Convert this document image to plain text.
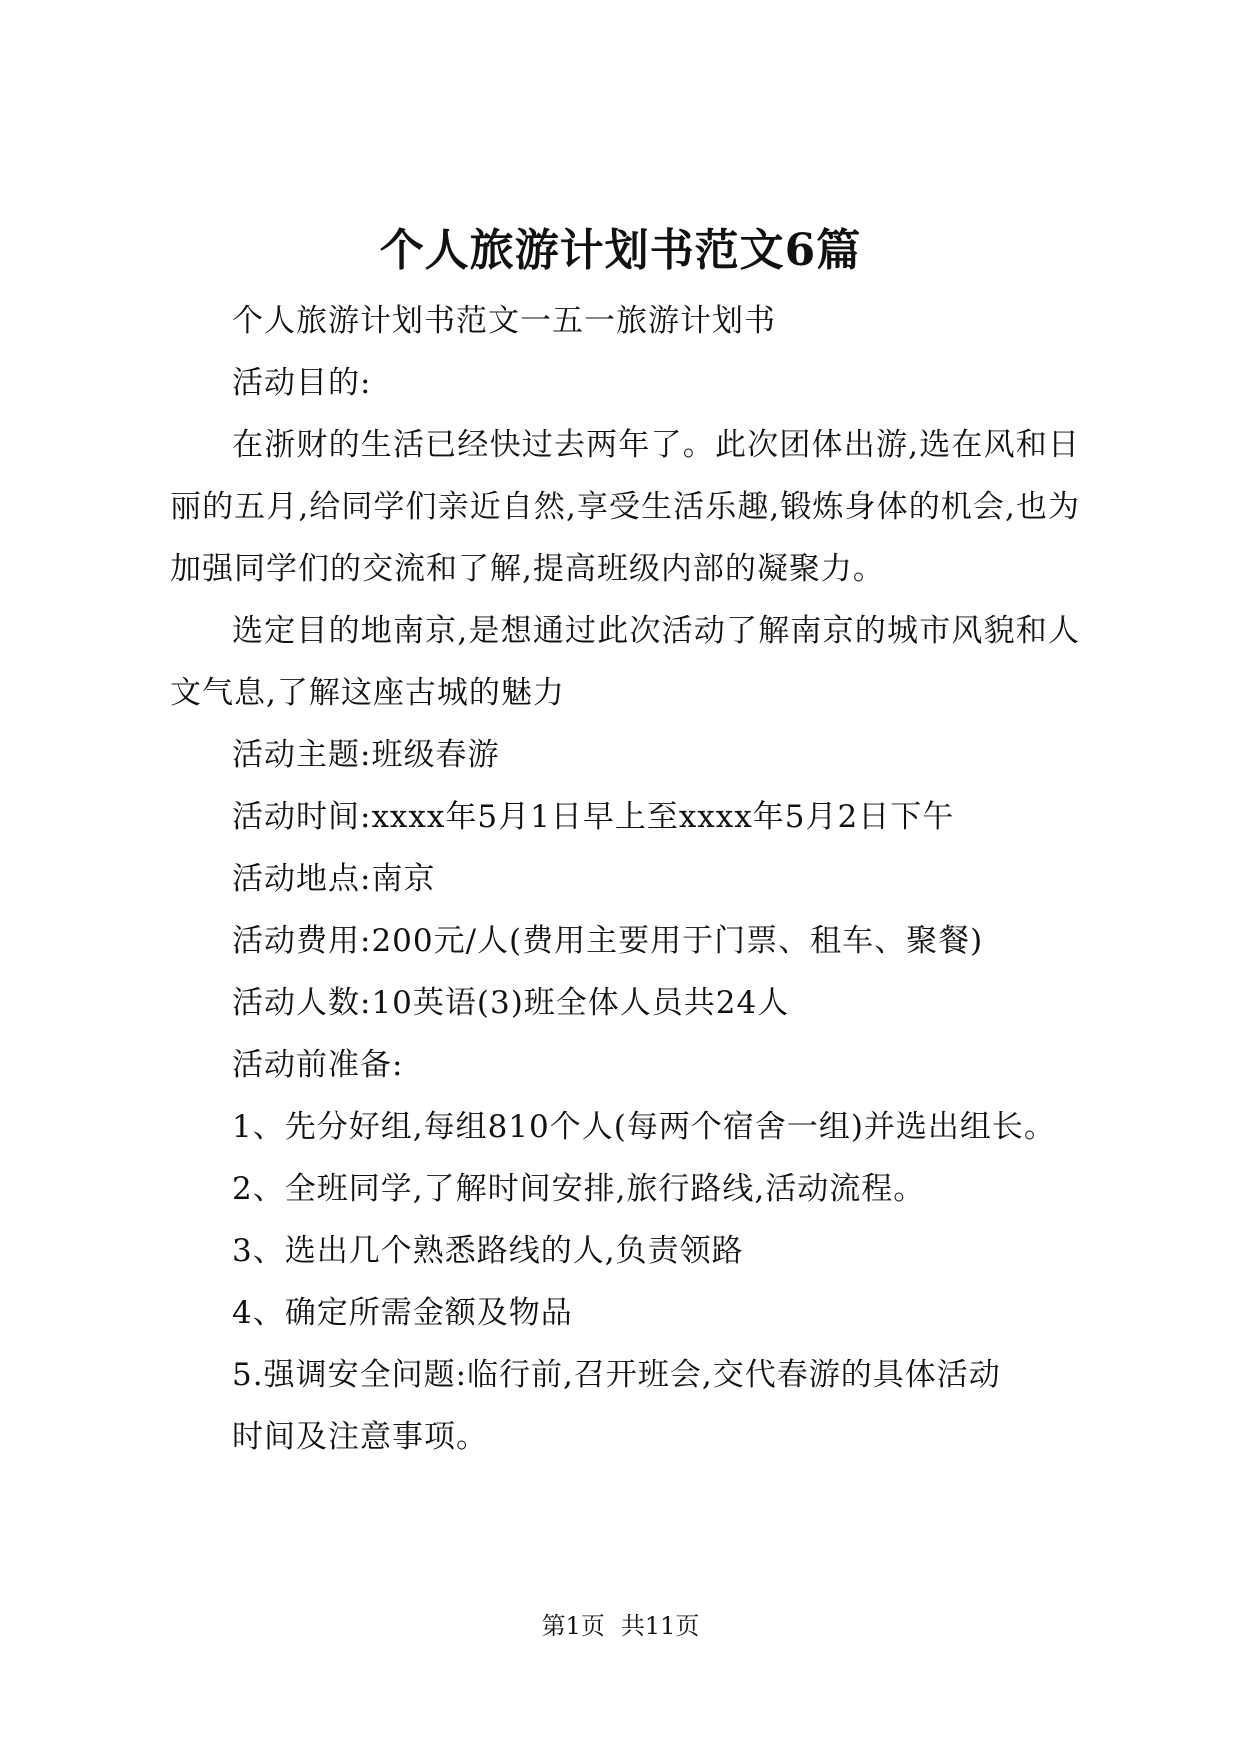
个人旅游计划书范文6篇

个人旅游计划书范文一五一旅游计划书

活动目的:

在浙财的生活已经快过去两年了。此次团体出游,选在风和日丽的五月,给同学们亲近自然,享受生活乐趣,锻炼身体的机会,也为加强同学们的交流和了解,提高班级内部的凝聚力。

选定目的地南京,是想通过此次活动了解南京的城市风貌和人文气息,了解这座古城的魅力

活动主题:班级春游

活动时间:xxxx年5月1日早上至xxxx年5月2日下午

活动地点:南京

活动费用:200元/人(费用主要用于门票、租车、聚餐)

活动人数:10英语(3)班全体人员共24人

活动前准备:

1、先分好组,每组810个人(每两个宿舍一组)并选出组长。

2、全班同学,了解时间安排,旅行路线,活动流程。

3、选出几个熟悉路线的人,负责领路

4、确定所需金额及物品

5.强调安全问题:临行前,召开班会,交代春游的具体活动

时间及注意事项。

第1页 共11页
